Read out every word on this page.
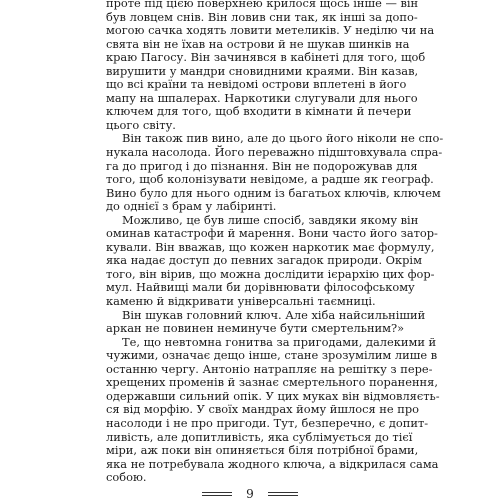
проте під цією поверхнею крилося щось інше — він
був ловцем снів. Він ловив сни так, як інші за допо-
могою сачка ходять ловити метеликів. У неділю чи на
свята він не їхав на острови й не шукав шинків на
краю Пагосу. Він зачинявся в кабінеті для того, щоб
вирушити у мандри сновидними краями. Він казав,
що всі країни та невідомі острови вплетені в його
мапу на шпалерах. Наркотики слугували для нього
ключем для того, щоб входити в кімнати й печери
цього світу.
Він також пив вино, але до цього його ніколи не спо-
нукала насолода. Його переважно підштовхувала спра-
га до пригод і до пізнання. Він не подорожував для
того, щоб колонізувати невідоме, а радше як географ.
Вино було для нього одним із багатьох ключів, ключем
до однієї з брам у лабіринті.
Можливо, це був лише спосіб, завдяки якому він
оминав катастрофи й марення. Вони часто його затор-
кували. Він вважав, що кожен наркотик має формулу,
яка надає доступ до певних загадок природи. Окрім
того, він вірив, що можна дослідити ієрархію цих фор-
мул. Найвищі мали би дорівнювати філософському
каменю й відкривати універсальні таємниці.
Він шукав головний ключ. Але хіба найсильніший
аркан не повинен неминуче бути смертельним?»
Те, що невтомна гонитва за пригодами, далекими й
чужими, означає дещо інше, стане зрозумілим лише в
останню чергу. Антоніо натрапляє на решітку з пере-
хрещених променів й зазнає смертельного поранення,
одержавши сильний опік. У цих муках він відмовляєть-
ся від морфію. У своїх мандрах йому йшлося не про
насолоди і не про пригоди. Тут, безперечно, є допит-
ливість, але допитливість, яка сублімується до тієї
міри, аж поки він опиняється біля потрібної брами,
яка не потребувала жодного ключа, а відкрилася сама
собою.
9
